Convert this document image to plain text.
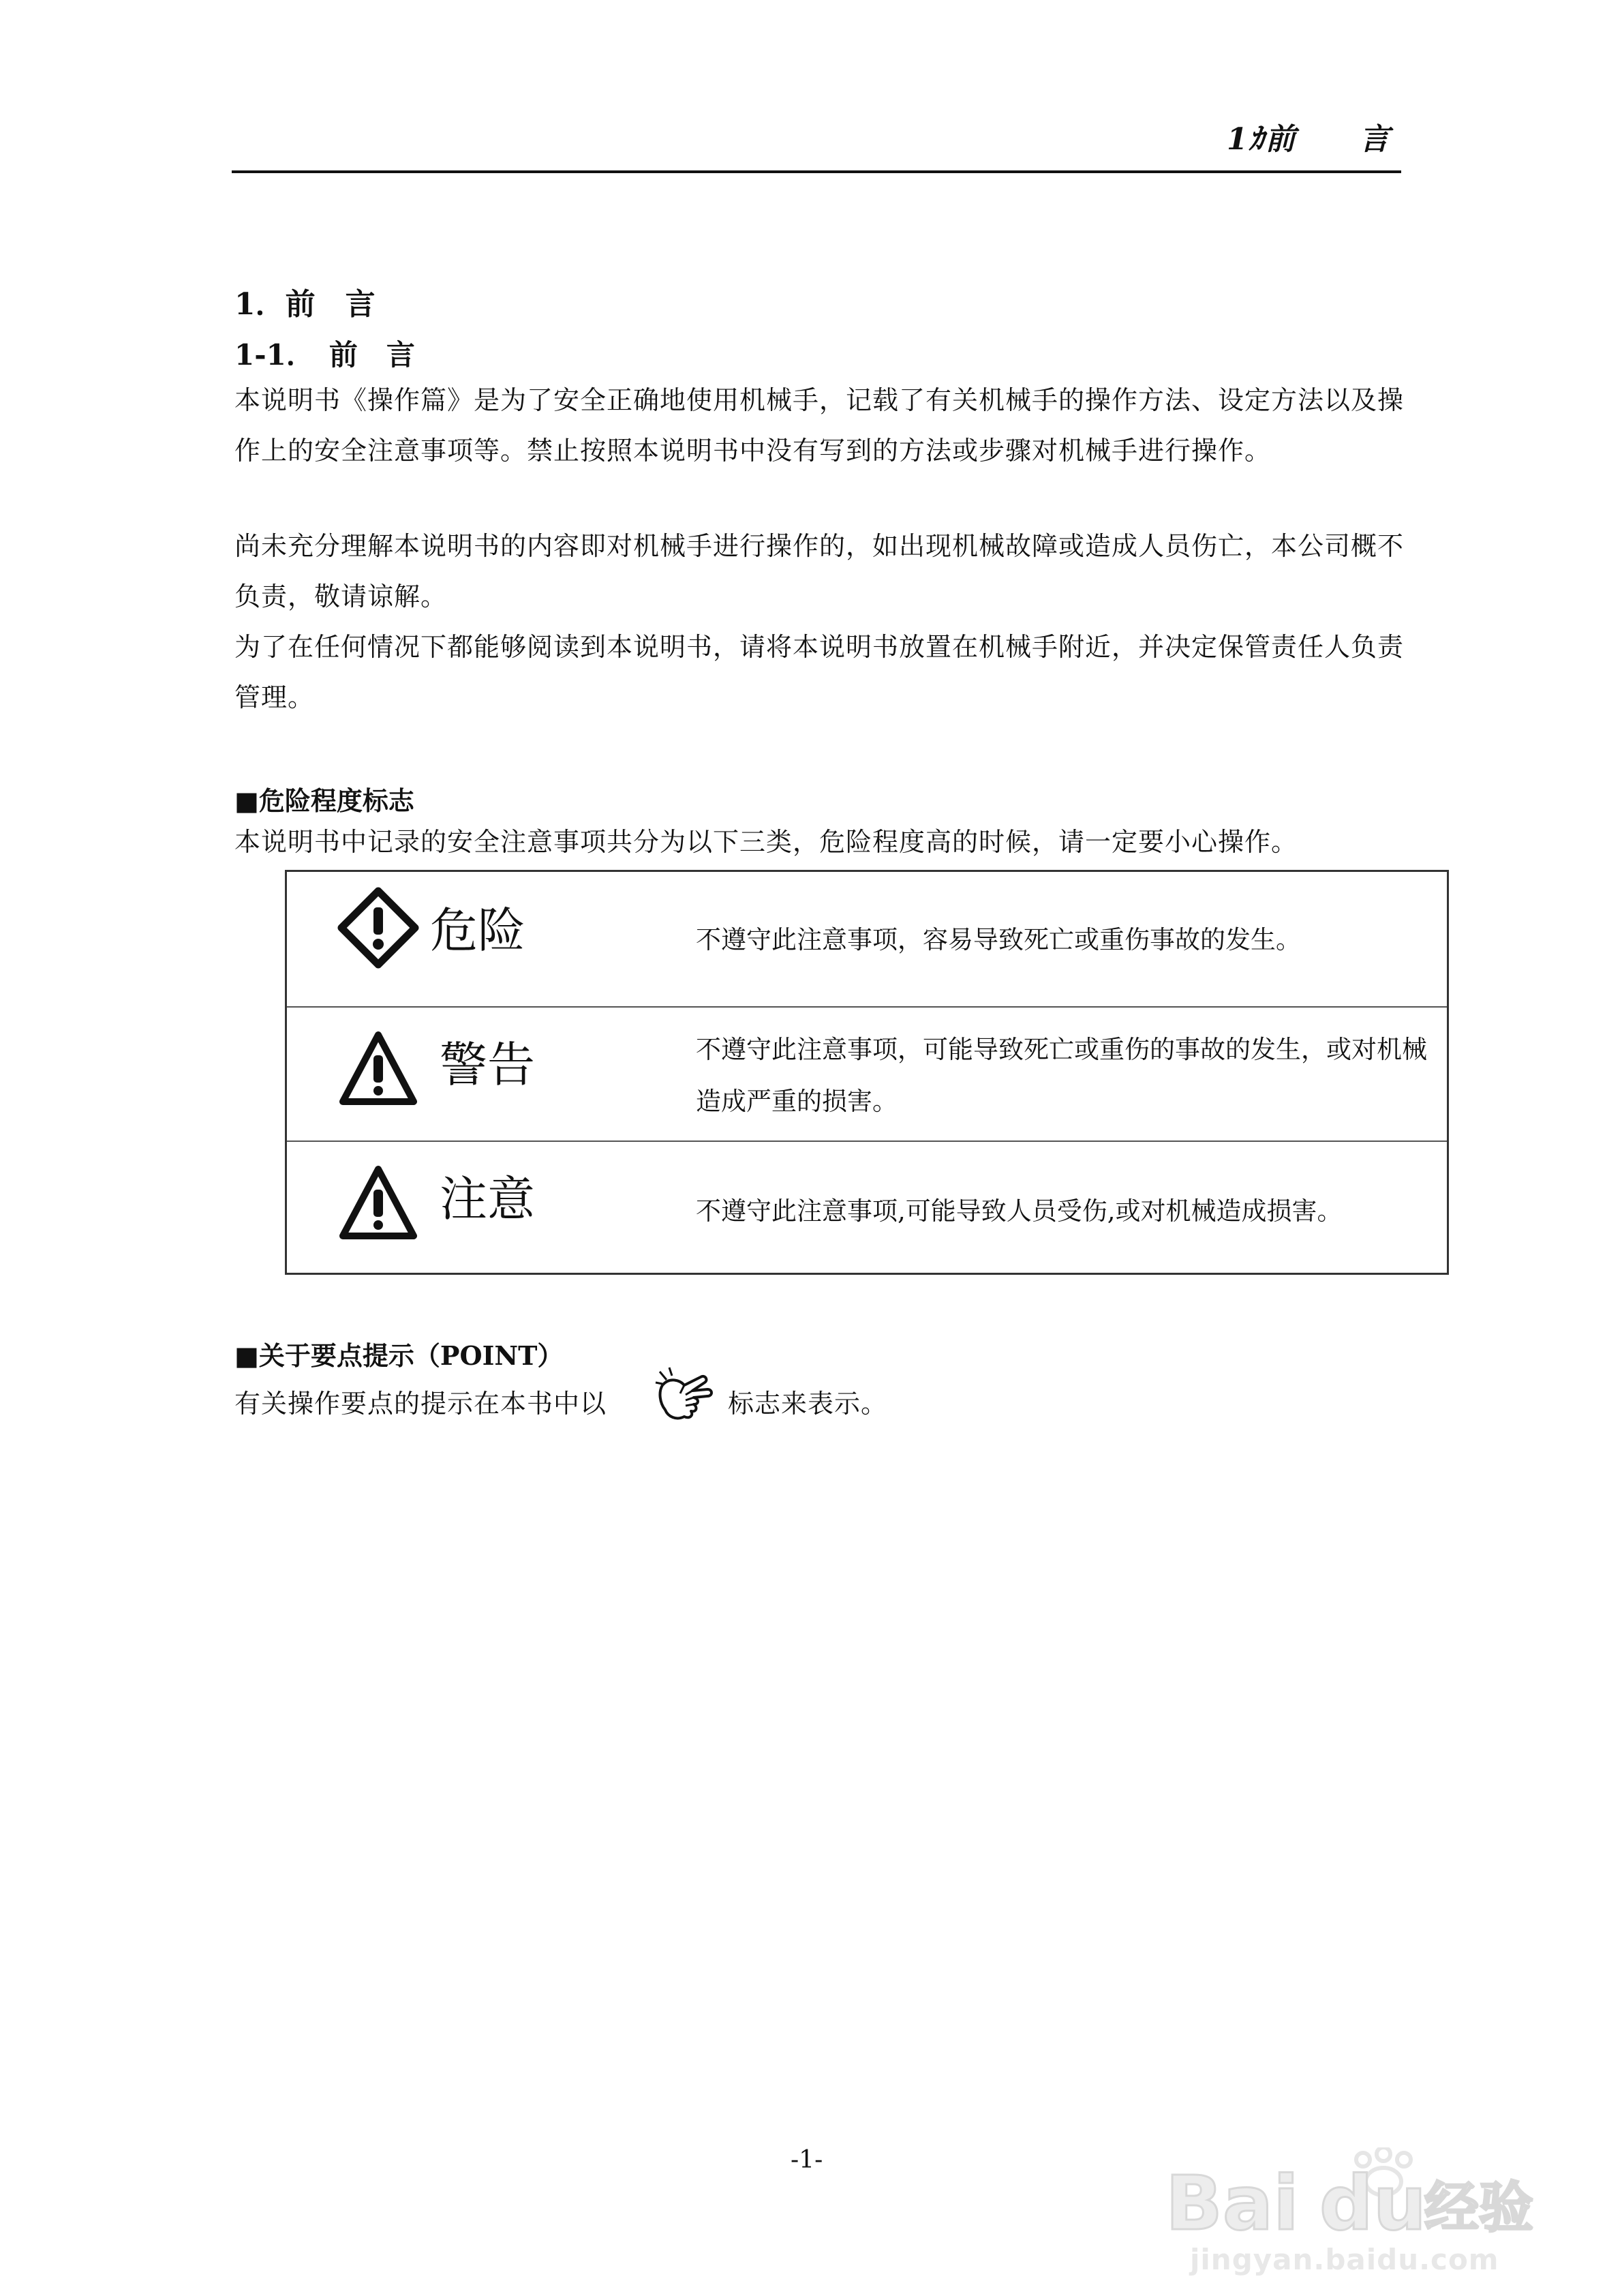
1ｶ前　　言
1．前　言
1-1．　前　言
本说明书《操作篇》是为了安全正确地使用机械手，记载了有关机械手的操作方法、设定方法以及操作上的安全注意事项等。禁止按照本说明书中没有写到的方法或步骤对机械手进行操作。
尚未充分理解本说明书的内容即对机械手进行操作的，如出现机械故障或造成人员伤亡，本公司概不负责，敬请谅解。
为了在任何情况下都能够阅读到本说明书，请将本说明书放置在机械手附近，并决定保管责任人负责管理。
■危险程度标志
本说明书中记录的安全注意事项共分为以下三类，危险程度高的时候，请一定要小心操作。
危险	不遵守此注意事项，容易导致死亡或重伤事故的发生。
警告	不遵守此注意事项，可能导致死亡或重伤的事故的发生，或对机械造成严重的损害。
注意	不遵守此注意事项,可能导致人员受伤,或对机械造成损害。
■关于要点提示（POINT）
有关操作要点的提示在本书中以	标志来表示。
-1-	Bai du
经验
jingyan.baidu.com
